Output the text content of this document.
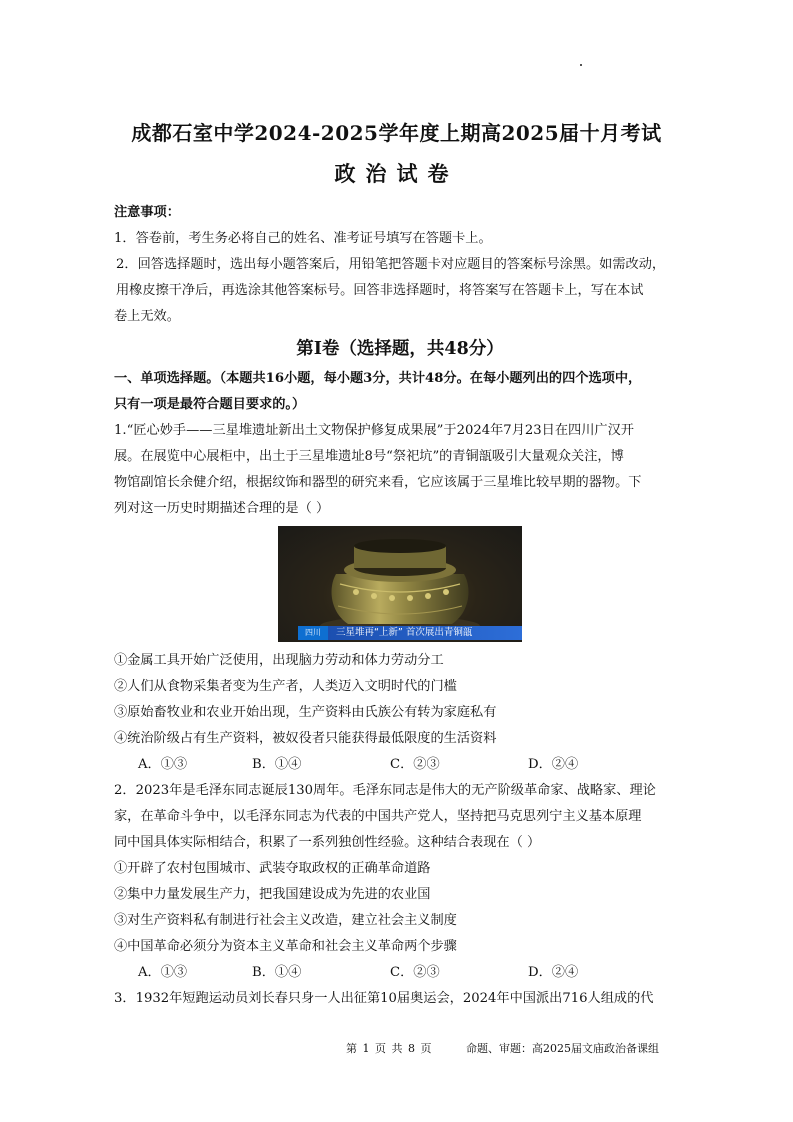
成都石室中学2024-2025学年度上期高2025届十月考试
政治试卷
注意事项：
1．答卷前，考生务必将自己的姓名、准考证号填写在答题卡上。
2．回答选择题时，选出每小题答案后，用铅笔把答题卡对应题目的答案标号涂黑。如需改动，
用橡皮擦干净后，再选涂其他答案标号。回答非选择题时，将答案写在答题卡上，写在本试
卷上无效。
第Ⅰ卷（选择题，共48分）
一、单项选择题。（本题共16小题，每小题3分，共计48分。在每小题列出的四个选项中，
只有一项是最符合题目要求的。）
1.“匠心妙手——三星堆遗址新出土文物保护修复成果展”于2024年7月23日在四川广汉开
展。在展览中心展柜中，出土于三星堆遗址8号“祭祀坑”的青铜瓿吸引大量观众关注，博
物馆副馆长余健介绍，根据纹饰和器型的研究来看，它应该属于三星堆比较早期的器物。下
列对这一历史时期描述合理的是（ ）
四川	三星堆再“上新” 首次展出青铜瓿
①金属工具开始广泛使用，出现脑力劳动和体力劳动分工
②人们从食物采集者变为生产者，人类迈入文明时代的门槛
③原始畜牧业和农业开始出现，生产资料由氏族公有转为家庭私有
④统治阶级占有生产资料，被奴役者只能获得最低限度的生活资料
A．①③	B．①④	C．②③	D．②④
2．2023年是毛泽东同志诞辰130周年。毛泽东同志是伟大的无产阶级革命家、战略家、理论
家，在革命斗争中，以毛泽东同志为代表的中国共产党人，坚持把马克思列宁主义基本原理
同中国具体实际相结合，积累了一系列独创性经验。这种结合表现在（ ）
①开辟了农村包围城市、武装夺取政权的正确革命道路
②集中力量发展生产力，把我国建设成为先进的农业国
③对生产资料私有制进行社会主义改造，建立社会主义制度
④中国革命必须分为资本主义革命和社会主义革命两个步骤
A．①③	B．①④	C．②③	D．②④
3．1932年短跑运动员刘长春只身一人出征第10届奥运会，2024年中国派出716人组成的代
第 1 页 共 8 页	命题、审题：高2025届文庙政治备课组
